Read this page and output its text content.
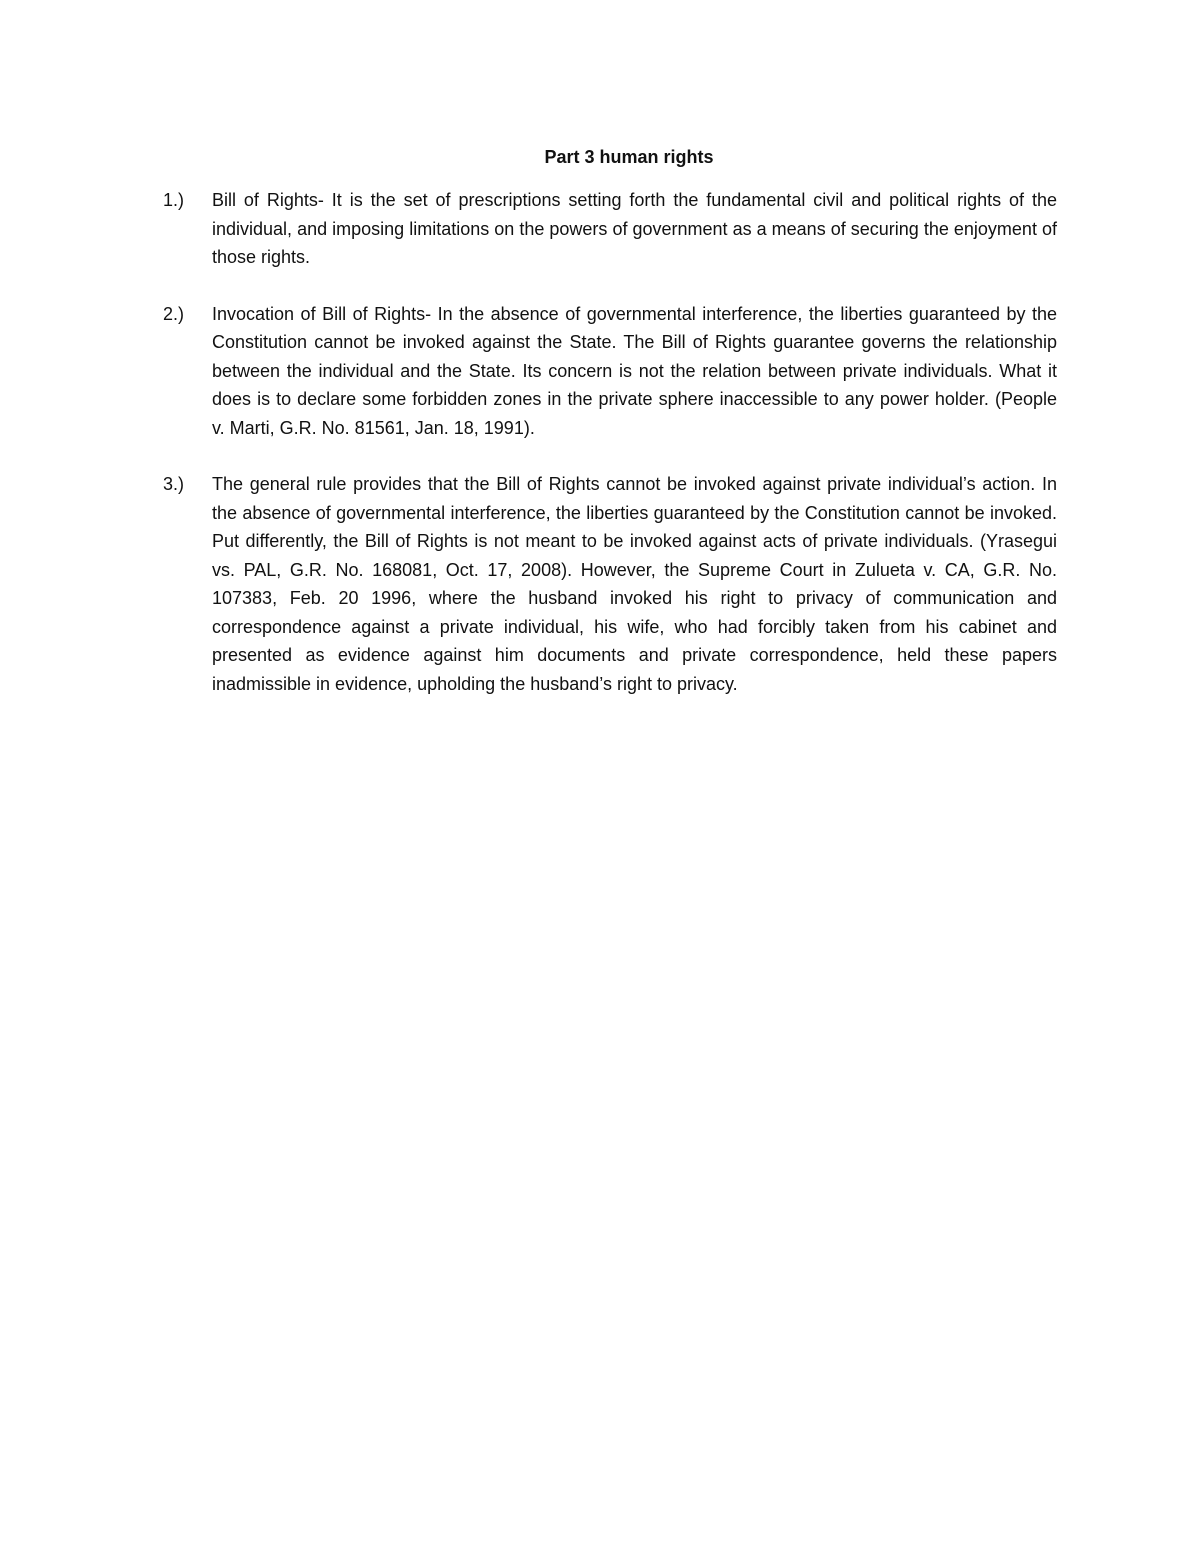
Part 3 human rights
1.)	Bill of Rights- It is the set of prescriptions setting forth the fundamental civil and political rights of the individual, and imposing limitations on the powers of government as a means of securing the enjoyment of those rights.
2.)	Invocation of Bill of Rights- In the absence of governmental interference, the liberties guaranteed by the Constitution cannot be invoked against the State. The Bill of Rights guarantee governs the relationship between the individual and the State. Its concern is not the relation between private individuals. What it does is to declare some forbidden zones in the private sphere inaccessible to any power holder. (People v. Marti, G.R. No. 81561, Jan. 18, 1991).
3.)	The general rule provides that the Bill of Rights cannot be invoked against private individual’s action. In the absence of governmental interference, the liberties guaranteed by the Constitution cannot be invoked. Put differently, the Bill of Rights is not meant to be invoked against acts of private individuals. (Yrasegui vs. PAL, G.R. No. 168081, Oct. 17, 2008). However, the Supreme Court in Zulueta v. CA, G.R. No. 107383, Feb. 20 1996, where the husband invoked his right to privacy of communication and correspondence against a private individual, his wife, who had forcibly taken from his cabinet and presented as evidence against him documents and private correspondence, held these papers inadmissible in evidence, upholding the husband’s right to privacy.
